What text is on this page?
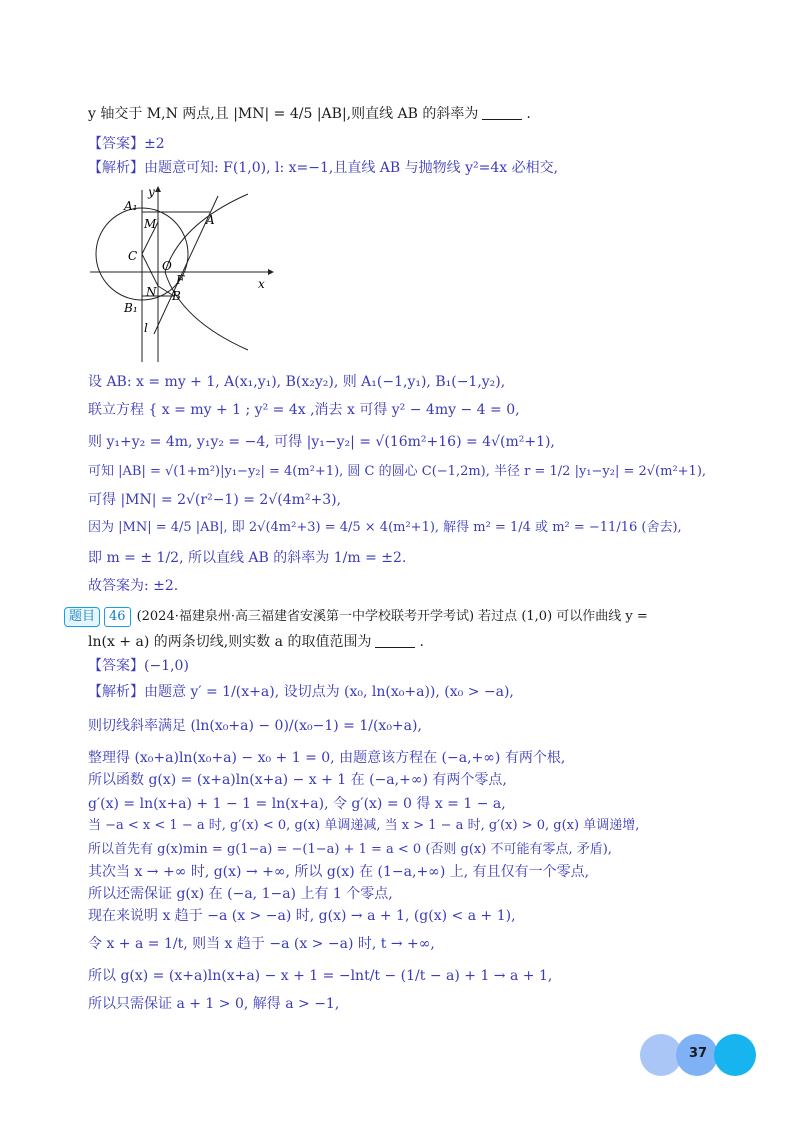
y 轴交于 M,N 两点,且 |MN| = 4/5 |AB|,则直线 AB 的斜率为	.
【答案】±2
【解析】由题意可知: F(1,0), l: x=−1,且直线 AB 与抛物线 y²=4x 必相交,
y
x
A₁
A
M
C
O
F
N B
B₁
l
设 AB: x = my + 1, A(x₁,y₁), B(x₂y₂), 则 A₁(−1,y₁), B₁(−1,y₂),
联立方程 { x = my + 1 ; y² = 4x ,消去 x 可得 y² − 4my − 4 = 0,
则 y₁+y₂ = 4m, y₁y₂ = −4, 可得 |y₁−y₂| = √(16m²+16) = 4√(m²+1),
可知 |AB| = √(1+m²)|y₁−y₂| = 4(m²+1), 圆 C 的圆心 C(−1,2m), 半径 r = 1/2 |y₁−y₂| = 2√(m²+1),
可得 |MN| = 2√(r²−1) = 2√(4m²+3),
因为 |MN| = 4/5 |AB|, 即 2√(4m²+3) = 4/5 × 4(m²+1), 解得 m² = 1/4 或 m² = −11/16 (舍去),
即 m = ± 1/2, 所以直线 AB 的斜率为 1/m = ±2.
故答案为: ±2.
题目 46 (2024·福建泉州·高三福建省安溪第一中学校联考开学考试) 若过点 (1,0) 可以作曲线 y =
ln(x + a) 的两条切线,则实数 a 的取值范围为	.
【答案】(−1,0)
【解析】由题意 y′ = 1/(x+a), 设切点为 (x₀, ln(x₀+a)), (x₀ > −a),
则切线斜率满足 (ln(x₀+a) − 0)/(x₀−1) = 1/(x₀+a),
整理得 (x₀+a)ln(x₀+a) − x₀ + 1 = 0, 由题意该方程在 (−a,+∞) 有两个根,
所以函数 g(x) = (x+a)ln(x+a) − x + 1 在 (−a,+∞) 有两个零点,
g′(x) = ln(x+a) + 1 − 1 = ln(x+a), 令 g′(x) = 0 得 x = 1 − a,
当 −a < x < 1 − a 时, g′(x) < 0, g(x) 单调递减, 当 x > 1 − a 时, g′(x) > 0, g(x) 单调递增,
所以首先有 g(x)min = g(1−a) = −(1−a) + 1 = a < 0 (否则 g(x) 不可能有零点, 矛盾),
其次当 x → +∞ 时, g(x) → +∞, 所以 g(x) 在 (1−a,+∞) 上, 有且仅有一个零点,
所以还需保证 g(x) 在 (−a, 1−a) 上有 1 个零点,
现在来说明 x 趋于 −a (x > −a) 时, g(x) → a + 1, (g(x) < a + 1),
令 x + a = 1/t, 则当 x 趋于 −a (x > −a) 时, t → +∞,
所以 g(x) = (x+a)ln(x+a) − x + 1 = −lnt/t − (1/t − a) + 1 → a + 1,
所以只需保证 a + 1 > 0, 解得 a > −1,
37
